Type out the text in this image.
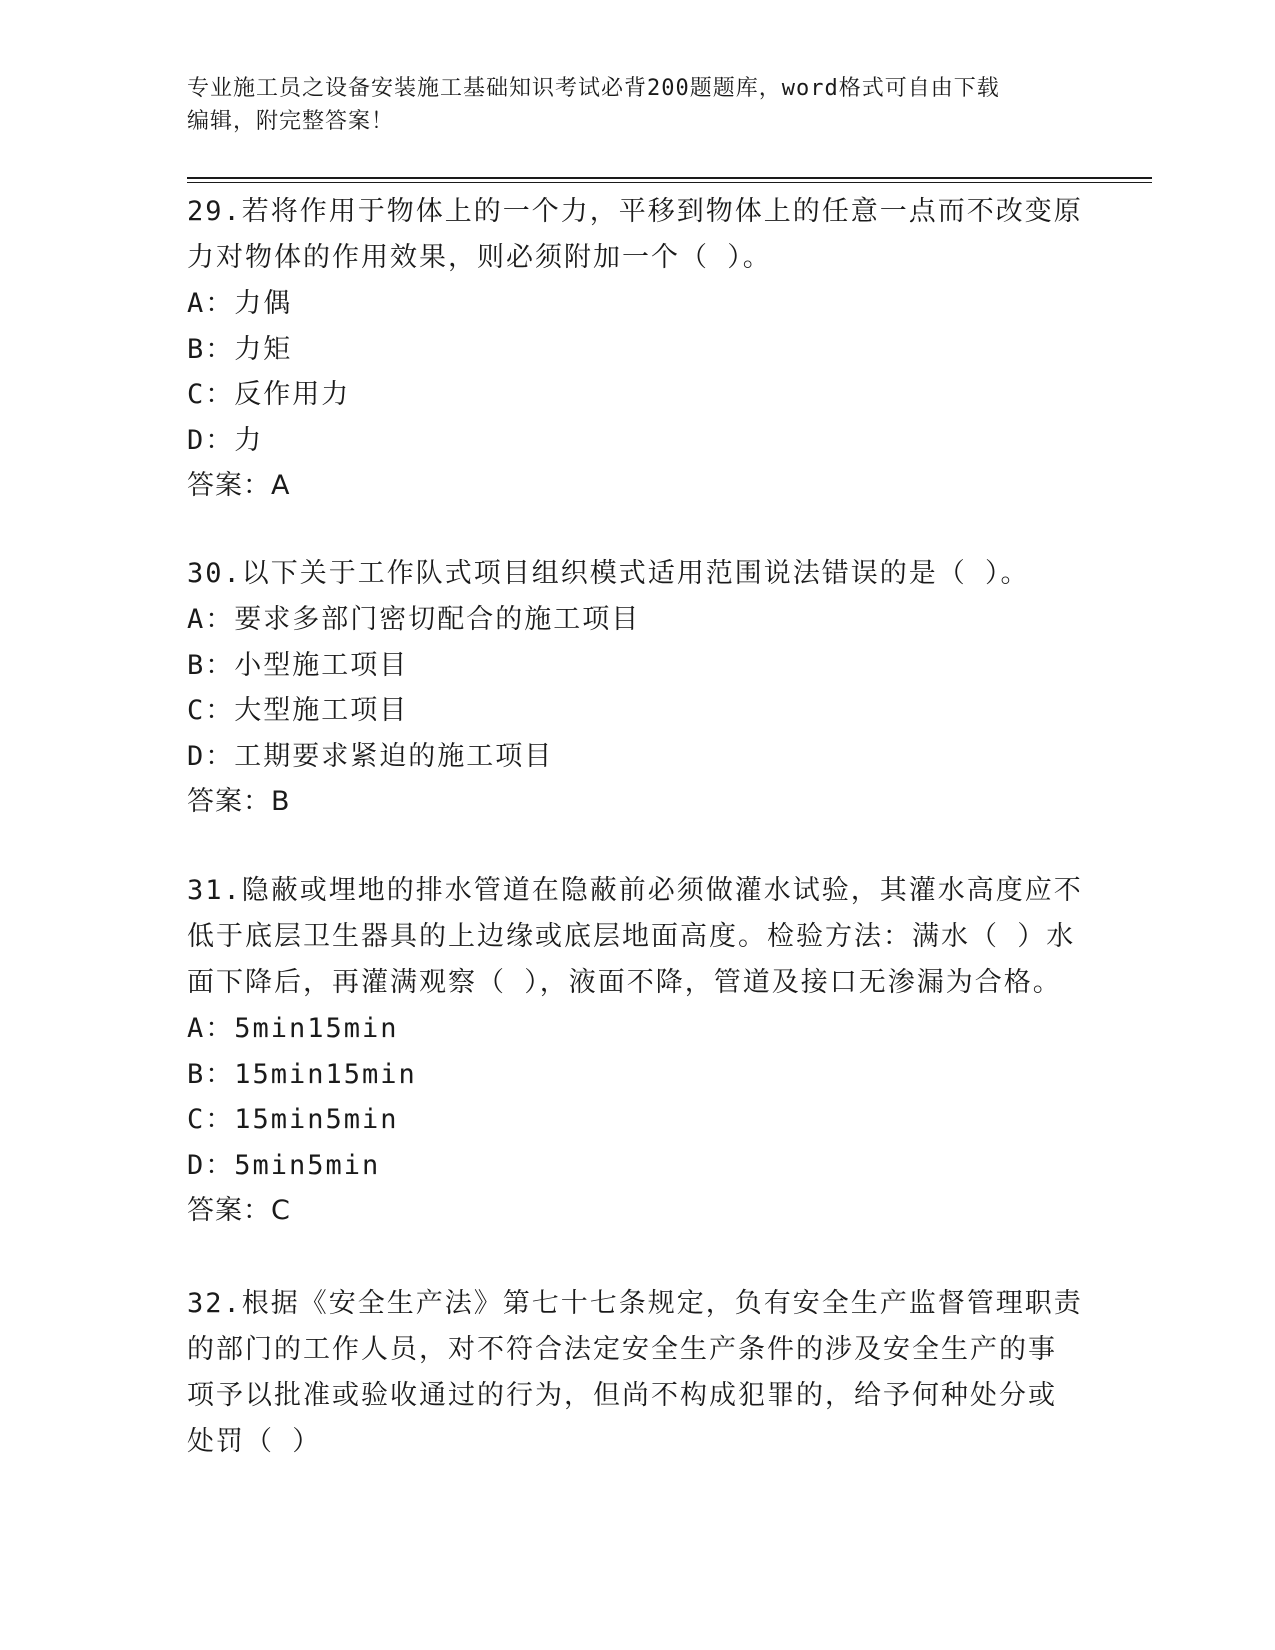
专业施工员之设备安装施工基础知识考试必背200题题库，word格式可自由下载
编辑，附完整答案！
29.若将作用于物体上的一个力，平移到物体上的任意一点而不改变原
力对物体的作用效果，则必须附加一个（ ）。
A：力偶
B：力矩
C：反作用力
D：力
答案：A
30.以下关于工作队式项目组织模式适用范围说法错误的是（ ）。
A：要求多部门密切配合的施工项目
B：小型施工项目
C：大型施工项目
D：工期要求紧迫的施工项目
答案：B
31.隐蔽或埋地的排水管道在隐蔽前必须做灌水试验，其灌水高度应不
低于底层卫生器具的上边缘或底层地面高度。检验方法：满水（ ）水
面下降后，再灌满观察（ ），液面不降，管道及接口无渗漏为合格。
A：5min15min
B：15min15min
C：15min5min
D：5min5min
答案：C
32.根据《安全生产法》第七十七条规定，负有安全生产监督管理职责
的部门的工作人员，对不符合法定安全生产条件的涉及安全生产的事
项予以批准或验收通过的行为，但尚不构成犯罪的，给予何种处分或
处罚（ ）
